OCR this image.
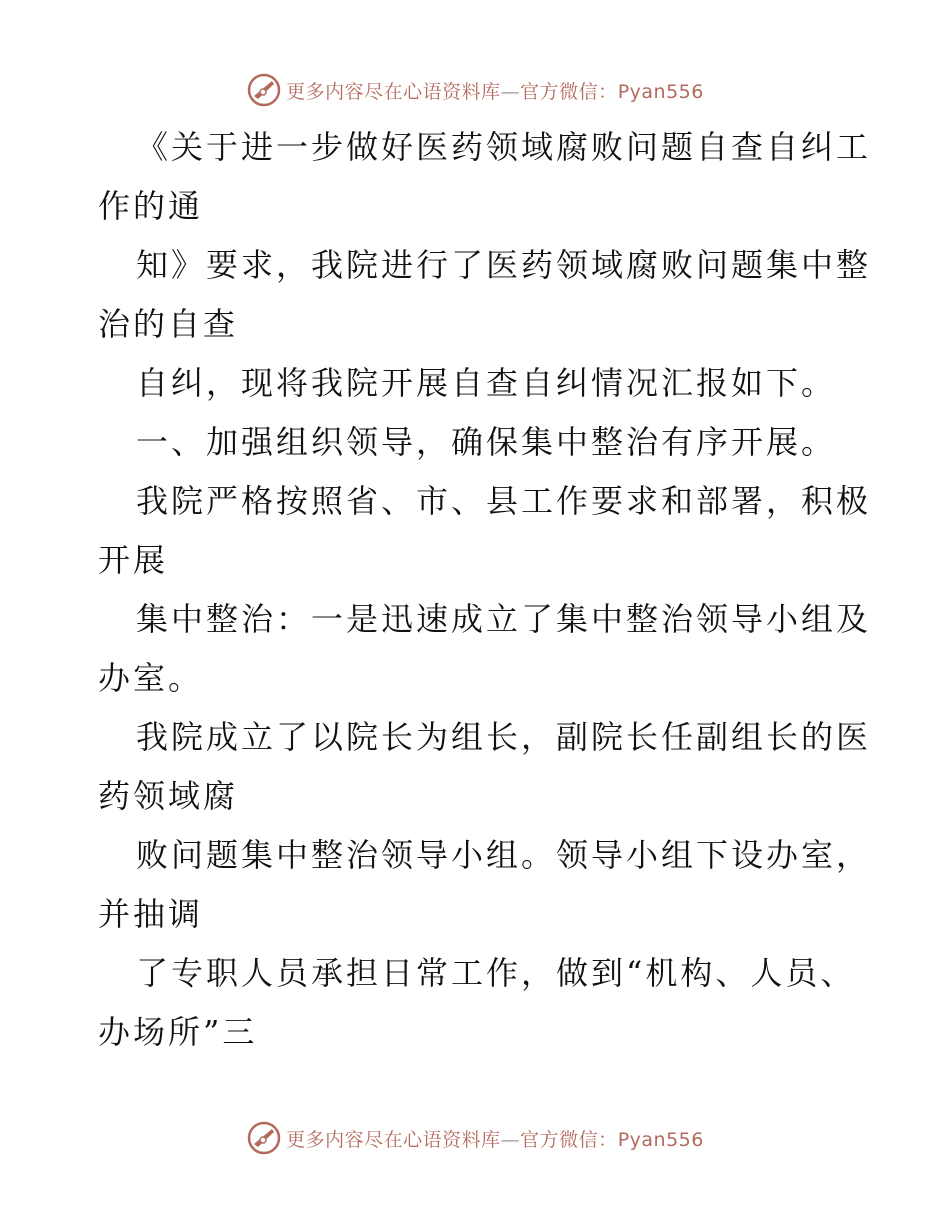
更多内容尽在心语资料库—官方微信：Pyan556
《关于进一步做好医药领域腐败问题自查自纠工
作的通
知》要求，我院进行了医药领域腐败问题集中整
治的自查
自纠，现将我院开展自查自纠情况汇报如下。
一、加强组织领导，确保集中整治有序开展。
我院严格按照省、市、县工作要求和部署，积极
开展
集中整治：一是迅速成立了集中整治领导小组及
办室。
我院成立了以院长为组长，副院长任副组长的医
药领域腐
败问题集中整治领导小组。领导小组下设办室，
并抽调
了专职人员承担日常工作，做到“机构、人员、
办场所”三
更多内容尽在心语资料库—官方微信：Pyan556
